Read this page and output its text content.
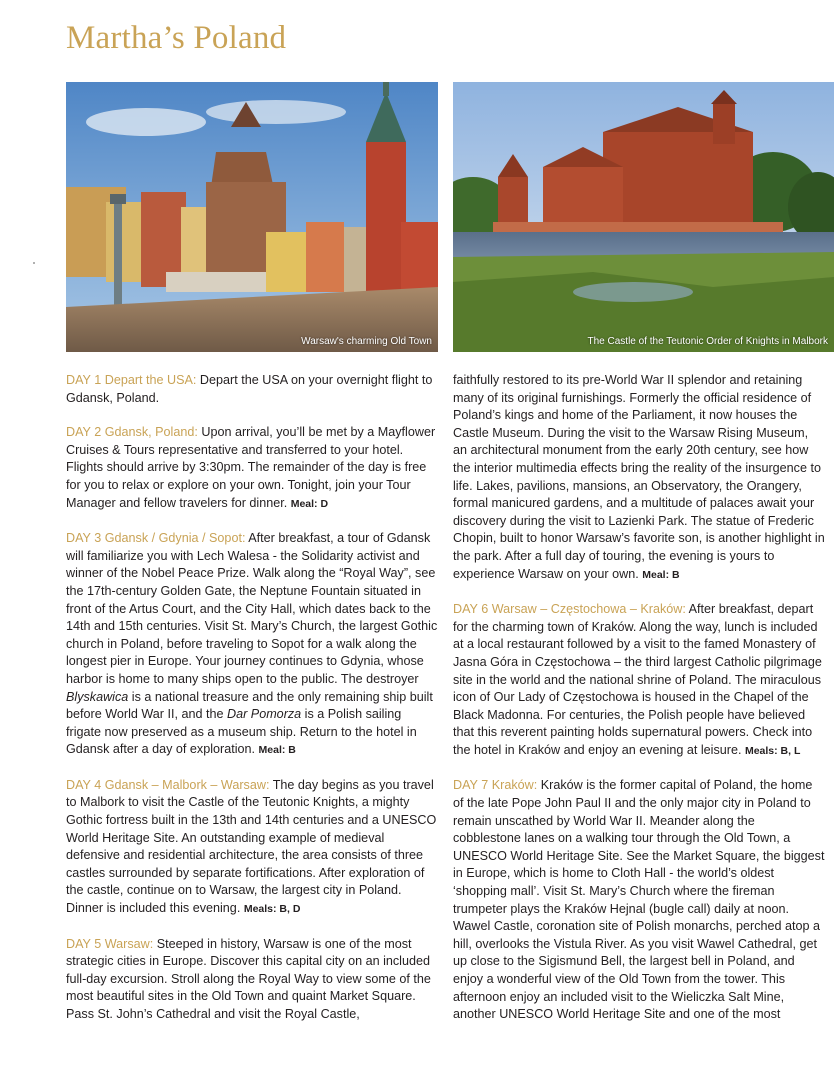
Martha’s Poland
Warsaw's charming Old Town	The Castle of the Teutonic Order of Knights in Malbork

DAY 1 Depart the USA: Depart the USA on your overnight flight to Gdansk, Poland.

DAY 2 Gdansk, Poland: Upon arrival, you’ll be met by a Mayflower Cruises & Tours representative and transferred to your hotel. Flights should arrive by 3:30pm. The remainder of the day is free for you to relax or explore on your own. Tonight, join your Tour Manager and fellow travelers for dinner. Meal: D

DAY 3 Gdansk / Gdynia / Sopot: After breakfast, a tour of Gdansk will familiarize you with Lech Walesa - the Solidarity activist and winner of the Nobel Peace Prize. Walk along the “Royal Way”, see the 17th-century Golden Gate, the Neptune Fountain situated in front of the Artus Court, and the City Hall, which dates back to the 14th and 15th centuries. Visit St. Mary’s Church, the largest Gothic church in Poland, before traveling to Sopot for a walk along the longest pier in Europe. Your journey continues to Gdynia, whose harbor is home to many ships open to the public. The destroyer Blyskawica is a national treasure and the only remaining ship built before World War II, and the Dar Pomorza is a Polish sailing frigate now preserved as a museum ship. Return to the hotel in Gdansk after a day of exploration. Meal: B

DAY 4 Gdansk – Malbork – Warsaw: The day begins as you travel to Malbork to visit the Castle of the Teutonic Knights, a mighty Gothic fortress built in the 13th and 14th centuries and a UNESCO World Heritage Site. An outstanding example of medieval defensive and residential architecture, the area consists of three castles surrounded by separate fortifications. After exploration of the castle, continue on to Warsaw, the largest city in Poland. Dinner is included this evening. Meals: B, D

DAY 5 Warsaw: Steeped in history, Warsaw is one of the most strategic cities in Europe. Discover this capital city on an included full-day excursion. Stroll along the Royal Way to view some of the most beautiful sites in the Old Town and quaint Market Square. Pass St. John’s Cathedral and visit the Royal Castle,

faithfully restored to its pre-World War II splendor and retaining many of its original furnishings. Formerly the official residence of Poland’s kings and home of the Parliament, it now houses the Castle Museum. During the visit to the Warsaw Rising Museum, an architectural monument from the early 20th century, see how the interior multimedia effects bring the reality of the insurgence to life. Lakes, pavilions, mansions, an Observatory, the Orangery, formal manicured gardens, and a multitude of palaces await your discovery during the visit to Lazienki Park. The statue of Frederic Chopin, built to honor Warsaw’s favorite son, is another highlight in the park. After a full day of touring, the evening is yours to experience Warsaw on your own. Meal: B

DAY 6 Warsaw – Częstochowa – Kraków: After breakfast, depart for the charming town of Kraków. Along the way, lunch is included at a local restaurant followed by a visit to the famed Monastery of Jasna Góra in Częstochowa – the third largest Catholic pilgrimage site in the world and the national shrine of Poland. The miraculous icon of Our Lady of Częstochowa is housed in the Chapel of the Black Madonna. For centuries, the Polish people have believed that this reverent painting holds supernatural powers. Check into the hotel in Kraków and enjoy an evening at leisure. Meals: B, L

DAY 7 Kraków: Kraków is the former capital of Poland, the home of the late Pope John Paul II and the only major city in Poland to remain unscathed by World War II. Meander along the cobblestone lanes on a walking tour through the Old Town, a UNESCO World Heritage Site. See the Market Square, the biggest in Europe, which is home to Cloth Hall - the world’s oldest ‘shopping mall’. Visit St. Mary’s Church where the fireman trumpeter plays the Kraków Hejnal (bugle call) daily at noon. Wawel Castle, coronation site of Polish monarchs, perched atop a hill, overlooks the Vistula River. As you visit Wawel Cathedral, get up close to the Sigismund Bell, the largest bell in Poland, and enjoy a wonderful view of the Old Town from the tower. This afternoon enjoy an included visit to the Wieliczka Salt Mine, another UNESCO World Heritage Site and one of the most
